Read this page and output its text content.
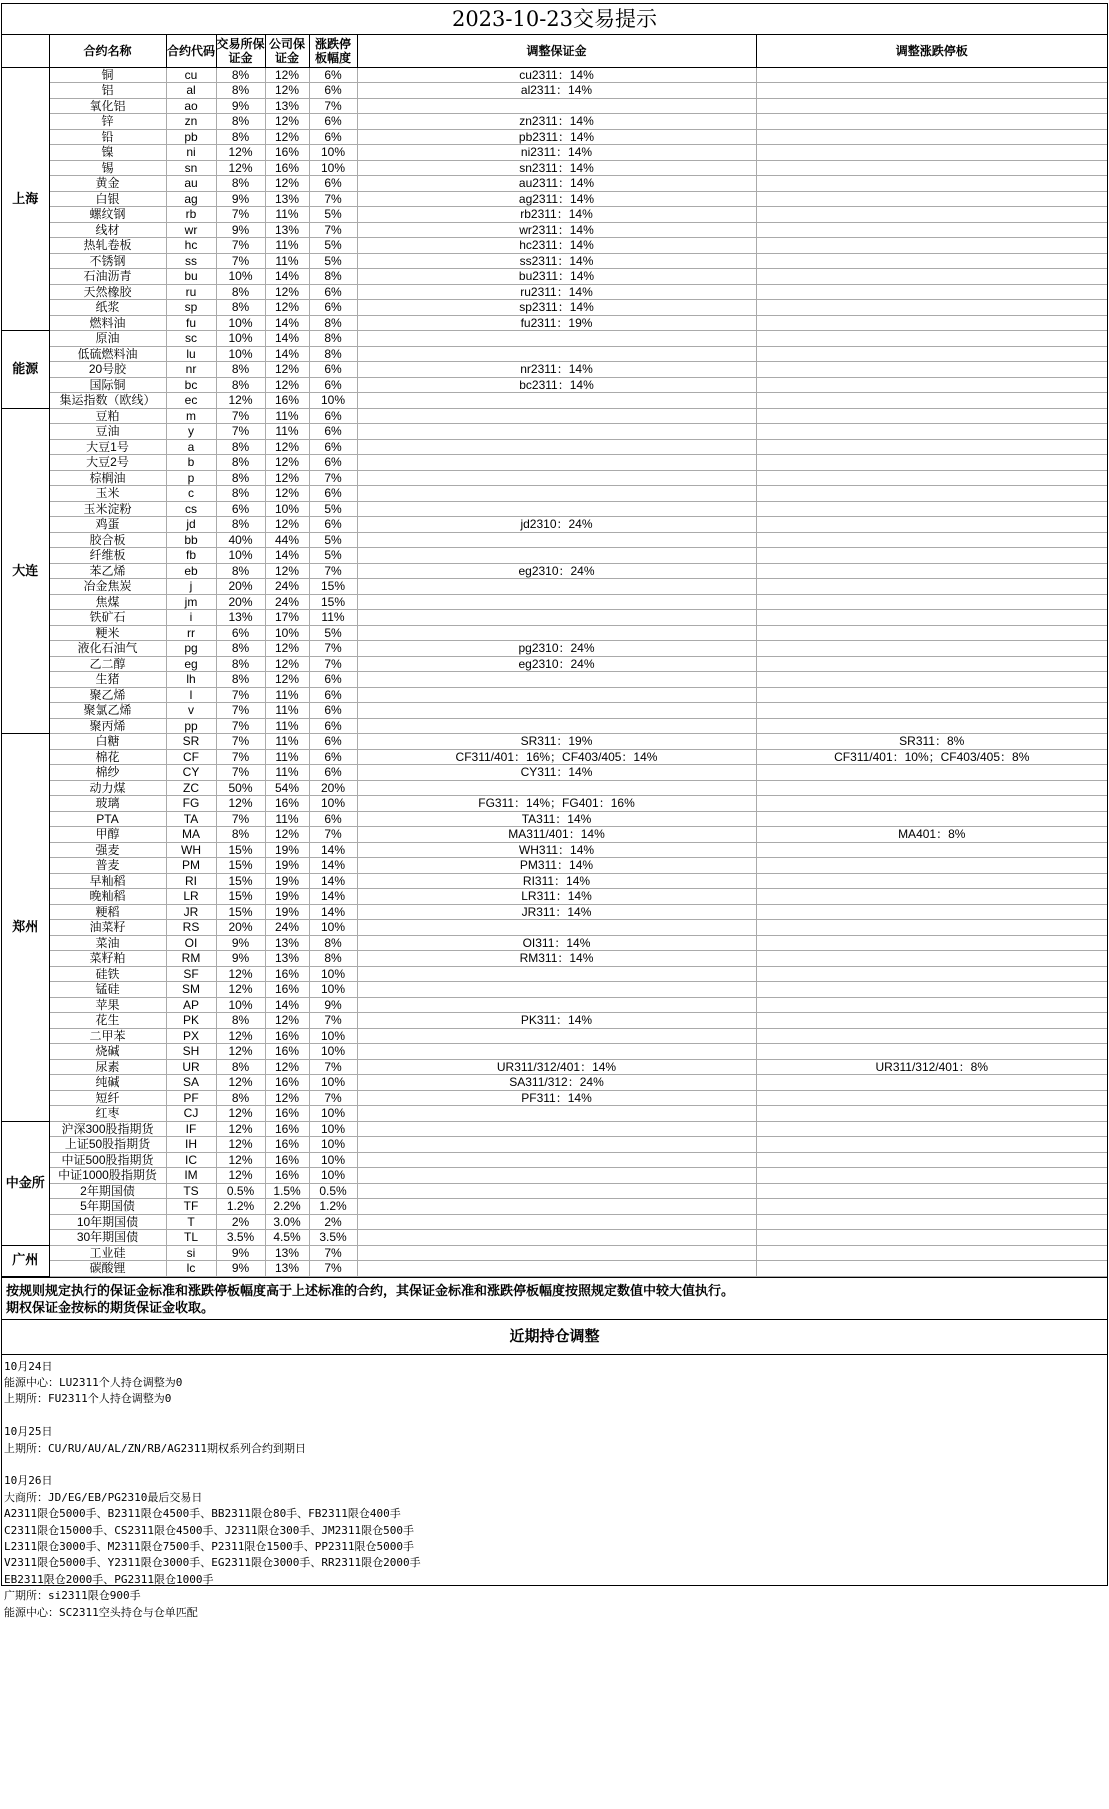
2023-10-23交易提示
	合约名称	合约代码	交易所保证金	公司保证金	涨跌停板幅度	调整保证金	调整涨跌停板
上海	铜	cu	8%	12%	6%	cu2311：14%	
	铝	al	8%	12%	6%	al2311：14%	
	氧化铝	ao	9%	13%	7%		
	锌	zn	8%	12%	6%	zn2311：14%	
	铅	pb	8%	12%	6%	pb2311：14%	
	镍	ni	12%	16%	10%	ni2311：14%	
	锡	sn	12%	16%	10%	sn2311：14%	
	黄金	au	8%	12%	6%	au2311：14%	
	白银	ag	9%	13%	7%	ag2311：14%	
	螺纹钢	rb	7%	11%	5%	rb2311：14%	
	线材	wr	9%	13%	7%	wr2311：14%	
	热轧卷板	hc	7%	11%	5%	hc2311：14%	
	不锈钢	ss	7%	11%	5%	ss2311：14%	
	石油沥青	bu	10%	14%	8%	bu2311：14%	
	天然橡胶	ru	8%	12%	6%	ru2311：14%	
	纸浆	sp	8%	12%	6%	sp2311：14%	
	燃料油	fu	10%	14%	8%	fu2311：19%	
能源	原油	sc	10%	14%	8%		
	低硫燃料油	lu	10%	14%	8%		
	20号胶	nr	8%	12%	6%	nr2311：14%	
	国际铜	bc	8%	12%	6%	bc2311：14%	
	集运指数（欧线）	ec	12%	16%	10%		
大连	豆粕	m	7%	11%	6%		
	豆油	y	7%	11%	6%		
	大豆1号	a	8%	12%	6%		
	大豆2号	b	8%	12%	6%		
	棕榈油	p	8%	12%	7%		
	玉米	c	8%	12%	6%		
	玉米淀粉	cs	6%	10%	5%		
	鸡蛋	jd	8%	12%	6%	jd2310：24%	
	胶合板	bb	40%	44%	5%		
	纤维板	fb	10%	14%	5%		
	苯乙烯	eb	8%	12%	7%	eg2310：24%	
	冶金焦炭	j	20%	24%	15%		
	焦煤	jm	20%	24%	15%		
	铁矿石	i	13%	17%	11%		
	粳米	rr	6%	10%	5%		
	液化石油气	pg	8%	12%	7%	pg2310：24%	
	乙二醇	eg	8%	12%	7%	eg2310：24%	
	生猪	lh	8%	12%	6%		
	聚乙烯	l	7%	11%	6%		
	聚氯乙烯	v	7%	11%	6%		
	聚丙烯	pp	7%	11%	6%		
郑州	白糖	SR	7%	11%	6%	SR311：19%	SR311：8%
	棉花	CF	7%	11%	6%	CF311/401：16%；CF403/405：14%	CF311/401：10%；CF403/405：8%
	棉纱	CY	7%	11%	6%	CY311：14%	
	动力煤	ZC	50%	54%	20%		
	玻璃	FG	12%	16%	10%	FG311：14%；FG401：16%	
	PTA	TA	7%	11%	6%	TA311：14%	
	甲醇	MA	8%	12%	7%	MA311/401：14%	MA401：8%
	强麦	WH	15%	19%	14%	WH311：14%	
	普麦	PM	15%	19%	14%	PM311：14%	
	早籼稻	RI	15%	19%	14%	RI311：14%	
	晚籼稻	LR	15%	19%	14%	LR311：14%	
	粳稻	JR	15%	19%	14%	JR311：14%	
	油菜籽	RS	20%	24%	10%		
	菜油	OI	9%	13%	8%	OI311：14%	
	菜籽粕	RM	9%	13%	8%	RM311：14%	
	硅铁	SF	12%	16%	10%		
	锰硅	SM	12%	16%	10%		
	苹果	AP	10%	14%	9%		
	花生	PK	8%	12%	7%	PK311：14%	
	二甲苯	PX	12%	16%	10%		
	烧碱	SH	12%	16%	10%		
	尿素	UR	8%	12%	7%	UR311/312/401：14%	UR311/312/401：8%
	纯碱	SA	12%	16%	10%	SA311/312：24%	
	短纤	PF	8%	12%	7%	PF311：14%	
	红枣	CJ	12%	16%	10%		
中金所	沪深300股指期货	IF	12%	16%	10%		
	上证50股指期货	IH	12%	16%	10%		
	中证500股指期货	IC	12%	16%	10%		
	中证1000股指期货	IM	12%	16%	10%		
	2年期国债	TS	0.5%	1.5%	0.5%		
	5年期国债	TF	1.2%	2.2%	1.2%		
	10年期国债	T	2%	3.0%	2%		
	30年期国债	TL	3.5%	4.5%	3.5%		
广州	工业硅	si	9%	13%	7%		
	碳酸锂	lc	9%	13%	7%		
按规则规定执行的保证金标准和涨跌停板幅度高于上述标准的合约，其保证金标准和涨跌停板幅度按照规定数值中较大值执行。
期权保证金按标的期货保证金收取。
近期持仓调整
10月24日
能源中心：LU2311个人持仓调整为0
上期所：FU2311个人持仓调整为0
10月25日
上期所：CU/RU/AU/AL/ZN/RB/AG2311期权系列合约到期日
10月26日
大商所：JD/EG/EB/PG2310最后交易日
A2311限仓5000手、B2311限仓4500手、BB2311限仓80手、FB2311限仓400手
C2311限仓15000手、CS2311限仓4500手、J2311限仓300手、JM2311限仓500手
L2311限仓3000手、M2311限仓7500手、P2311限仓1500手、PP2311限仓5000手
V2311限仓5000手、Y2311限仓3000手、EG2311限仓3000手、RR2311限仓2000手
EB2311限仓2000手、PG2311限仓1000手
广期所：si2311限仓900手
能源中心：SC2311空头持仓与仓单匹配
